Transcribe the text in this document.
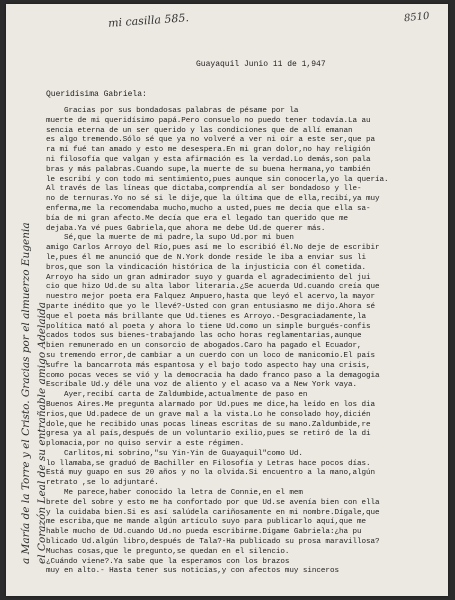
mi casilla 585.	8510
a María de la Torre y el Cristo. Gracias por el almuerzo Eugenia el Corazón Leal de su entrañable amigo Adelaida
Guayaquil Junio 11 de 1,947
Queridísima Gabriela:
Gracias por sus bondadosas palabras de pésame por la
muerte de mi queridísimo papá.Pero consuelo no puedo tener todavía.La au
sencia eterna de un ser querido y las condiciones que de allí emanan
es algo tremendo.Sólo sé que ya no volveré a ver ni oír a este ser,que pa
ra mí fué tan amado y esto me desespera.En mi gran dolor,no hay religión
ni filosofía que valgan y esta afirmación es la verdad.Lo demás,son pala
bras y más palabras.Cuando supe,la muerte de su buena hermana,yo también
le escribí y con todo mi sentimiento,pues aunque sin conocerla,yo la quería.
Al través de las líneas que dictaba,comprendía al ser bondadoso y lle-
no de ternuras.Yo no sé si le dije,que la última que de ella,recibí,ya muy
enferma,me la recomendaba mucho,mucho a usted,pues me decía que ella sa-
bía de mi gran afecto.Me decía que era el legado tan querido que me
dejaba.Ya vé pues Gabriela,que ahora me debe Ud.de querer más.
Sé,que la muerte de mi padre,la supo Ud.por mi buen
amigo Carlos Arroyo del Río,pues así me lo escribió él.No deje de escribir
le,pues él me anunció que de N.York donde reside le iba a enviar sus li
bros,que son la vindicación histórica de la injusticia con él cometida.
Arroyo ha sido un gran admirador suyo y guarda el agradecimiento del jui
cio que hizo Ud.de su alta labor literaria.¿Se acuerda Ud.cuando creía que
nuestro mejor poeta era Falquez Ampuero,hasta que leyó el acervo,la mayor
parte inédito que yo le llevé?-Usted con gran entusiasmo me dijo.Ahora sé
que el poeta más brillante que Ud.tienes es Arroyo.-Desgraciadamente,la
política mató al poeta y ahora lo tiene Ud.como un simple burgués-confis
cados todos sus bienes-trabajando las ocho horas reglamentarias,aunque
bien remunerado en un consorcio de abogados.Caro ha pagado el Ecuador,
su tremendo error,de cambiar a un cuerdo con un loco de manicomio.El país
sufre la bancarrota más espantosa y el bajo todo aspecto hay una crisis,
como pocas veces se vió y la democracia ha dado franco paso a la demagogia
Escríbale Ud.y déle una voz de aliento y el acaso va a New York vaya.
Ayer,recibí carta de Zaldumbide,actualmente de paso en
Buenos Aires.Me pregunta alarmado por Ud.pues me dice,ha leído en los dia
rios,que Ud.padece de un grave mal a la vista.Lo he consolado hoy,dicién
dole,que he recibido unas pocas líneas escritas de su mano.Zaldumbide,re
gresa ya al país,después de un voluntario exilio,pues se retiró de la di
plomacia,por no quiso servir a este régimen.
Carlitos,mi sobrino,"su Yin-Yin de Guayaquil"como Ud.
lo llamaba,se graduó de Bachiller en Filosofía y Letras hace pocos días.
Está muy guapo en sus 20 años y no la olvida.Si encuentro a la mano,algún
retrato ,se lo adjuntaré.
Me parece,haber conocido la letra de Connie,en el mem
brete del sobre y esto me ha confortado por que Ud.se avenía bien con ella
y la cuidaba bien.Si es así salúdela cariñosamente en mi nombre.Dígale,que
me escriba,que me mande algún artículo suyo para publicarlo aquí,que me
hable mucho de Ud.cuando Ud.no pueda escribirme.Dígame Gabriela:¿ha pu
blicado Ud.algún libro,después de Tala?-Ha publicado su prosa maravillosa?
Muchas cosas,que le pregunto,se quedan en el silencio.
¿Cuándo viene?.Ya sabe que la esperamos con los brazos
muy en alto.- Hasta tener sus noticias,y con afectos muy sinceros
